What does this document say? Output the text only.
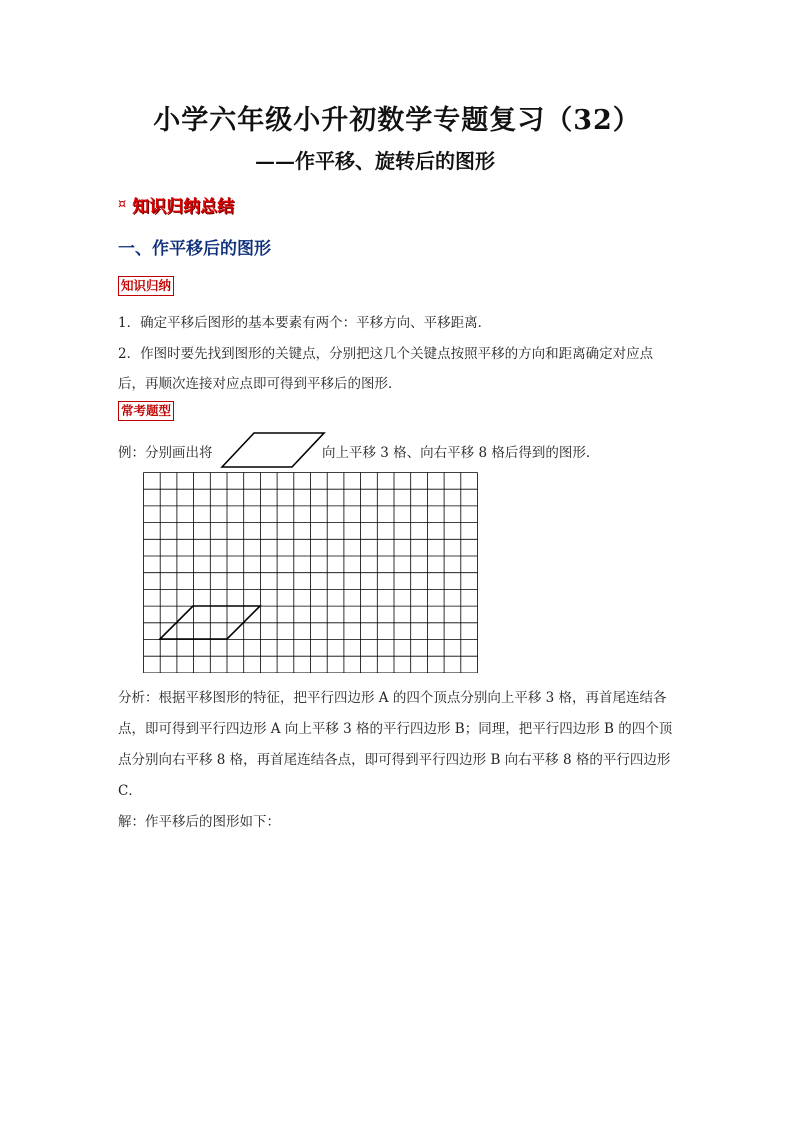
小学六年级小升初数学专题复习（32）
——作平移、旋转后的图形
¤ 知识归纳总结
一、作平移后的图形
知识归纳
1．确定平移后图形的基本要素有两个：平移方向、平移距离．
2．作图时要先找到图形的关键点，分别把这几个关键点按照平移的方向和距离确定对应点
后，再顺次连接对应点即可得到平移后的图形．
常考题型
例：分别画出将	向上平移 3 格、向右平移 8 格后得到的图形．
分析：根据平移图形的特征，把平行四边形 A 的四个顶点分别向上平移 3 格，再首尾连结各
点，即可得到平行四边形 A 向上平移 3 格的平行四边形 B；同理，把平行四边形 B 的四个顶
点分别向右平移 8 格，再首尾连结各点，即可得到平行四边形 B 向右平移 8 格的平行四边形
C．
解：作平移后的图形如下：
